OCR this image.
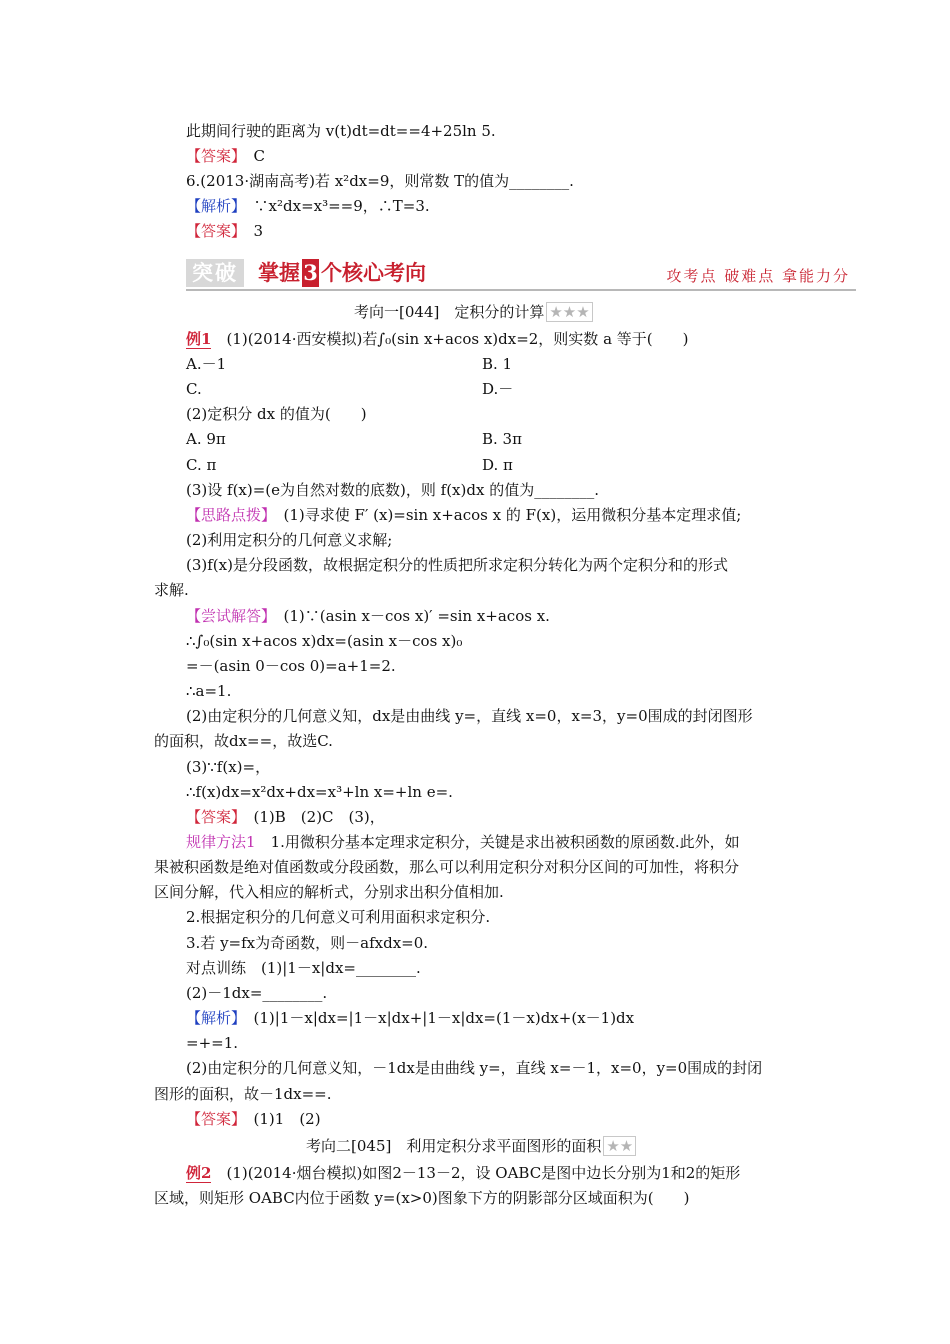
此期间行驶的距离为 v(t)dt=dt==4+25ln 5.
【答案】　 C
6.(2013·湖南高考)若 x²dx=9，则常数 T的值为________.
【解析】　 ∵x²dx=x³==9，∴T=3.
【答案】　 3
突破 掌握 3 个核心考向	攻考点 破难点 拿能力分
考向一[044]　定积分的计算 ★★★
例1　 (1)(2014·西安模拟)若∫₀(sin x+acos x)dx=2，则实数 a 等于(　　)
A.－1	B. 1
C.	D.－
(2)定积分 dx 的值为(　　)
A. 9π	B. 3π
C. π	D. π
(3)设 f(x)=(e为自然对数的底数)，则 f(x)dx 的值为________.
【思路点拨】　 (1)寻求使 F′ (x)=sin x+acos x 的 F(x)，运用微积分基本定理求值;
(2)利用定积分的几何意义求解;
(3)f(x)是分段函数，故根据定积分的性质把所求定积分转化为两个定积分和的形式
求解.
【尝试解答】　 (1)∵(asin x－cos x)′ =sin x+acos x.
∴∫₀(sin x+acos x)dx=(asin x－cos x)₀
=－(asin 0－cos 0)=a+1=2.
∴a=1.
(2)由定积分的几何意义知，dx是由曲线 y=，直线 x=0，x=3，y=0围成的封闭图形
的面积，故dx==，故选C.
(3)∵f(x)=，
∴f(x)dx=x²dx+dx=x³+ln x=+ln e=.
【答案】　 (1)B　(2)C　(3)，
规律方法1　 1.用微积分基本定理求定积分，关键是求出被积函数的原函数.此外，如
果被积函数是绝对值函数或分段函数，那么可以利用定积分对积分区间的可加性，将积分
区间分解，代入相应的解析式，分别求出积分值相加.
2.根据定积分的几何意义可利用面积求定积分.
3.若 y=fx为奇函数，则－afxdx=0.
对点训练　(1)|1－x|dx=________.
(2)－1dx=________.
【解析】　 (1)|1－x|dx=|1－x|dx+|1－x|dx=(1－x)dx+(x－1)dx
=+=1.
(2)由定积分的几何意义知，－1dx是由曲线 y=，直线 x=－1，x=0，y=0围成的封闭
图形的面积，故－1dx==.
【答案】　 (1)1　(2)
考向二[045]　利用定积分求平面图形的面积 ★★
例2　 (1)(2014·烟台模拟)如图2－13－2，设 OABC是图中边长分别为1和2的矩形
区域，则矩形 OABC内位于函数 y=(x>0)图象下方的阴影部分区域面积为(　　)
